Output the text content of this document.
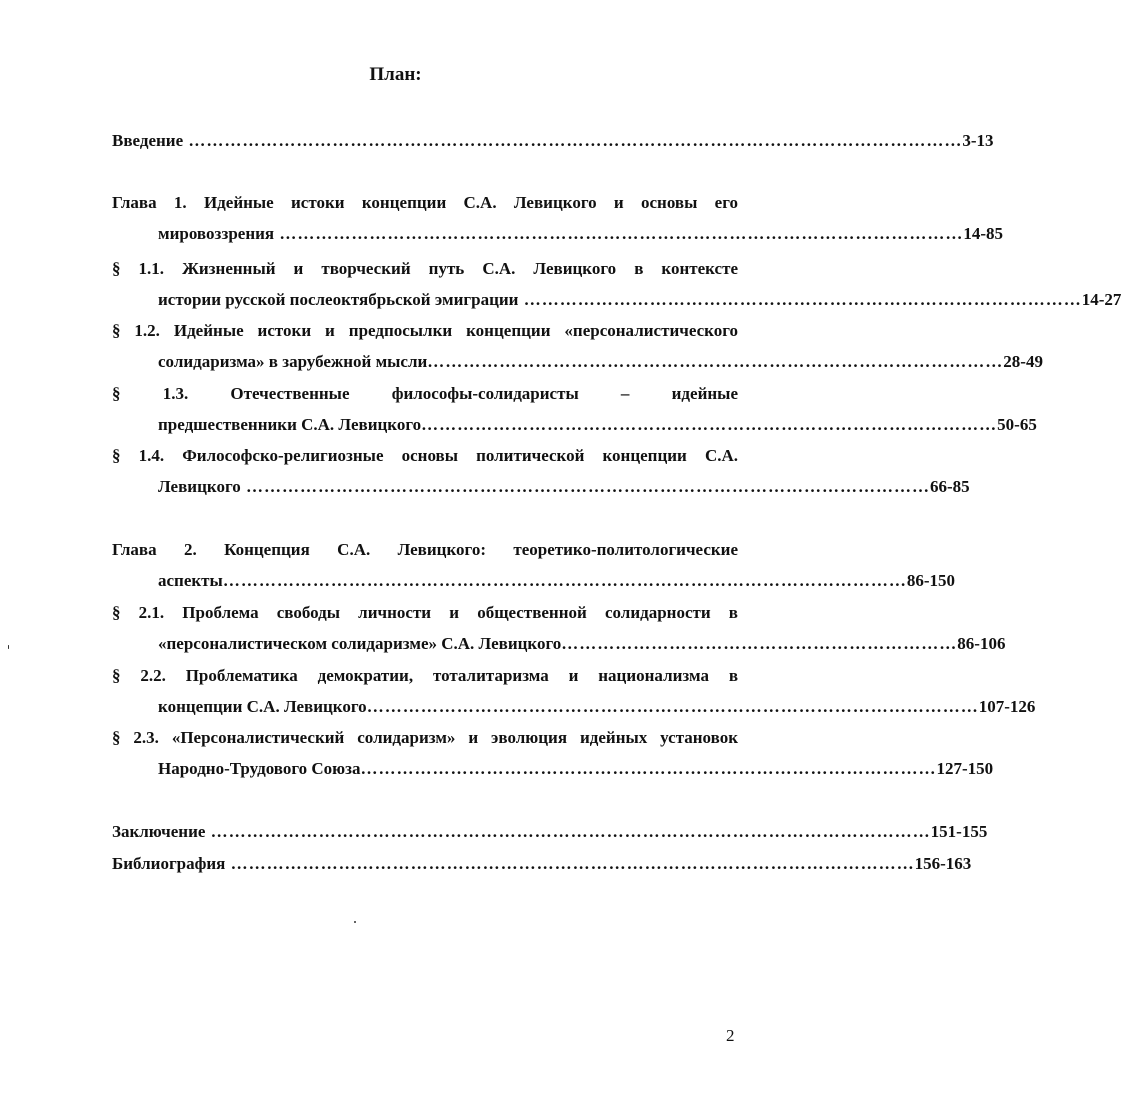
План:
Введение ………………………………………………………………………………………………………………… 3-13
Глава 1. Идейные истоки концепции С.А. Левицкого и основы его
мировоззрения …………………………………………………………………………………………………… 14-85
§ 1.1. Жизненный и творческий путь С.А. Левицкого в контексте
истории русской послеоктябрьской эмиграции ………………………………………………………………………………… 14-27
§ 1.2. Идейные истоки и предпосылки концепции «персоналистического
солидаризма» в зарубежной мысли …………………………………………………………………………………… 28-49
§ 1.3. Отечественные философы-солидаристы – идейные
предшественники С.А. Левицкого …………………………………………………………………………………… 50-65
§ 1.4. Философско-религиозные основы политической концепции С.А.
Левицкого …………………………………………………………………………………………………… 66-85
Глава 2. Концепция С.А. Левицкого: теоретико-политологические
аспекты …………………………………………………………………………………………………… 86-150
§ 2.1. Проблема свободы личности и общественной солидарности в
«персоналистическом солидаризме» С.А. Левицкого ………………………………………………………… 86-106
§ 2.2. Проблематика демократии, тоталитаризма и национализма в
концепции С.А. Левицкого ………………………………………………………………………………………… 107-126
§ 2.3. «Персоналистический солидаризм» и эволюция идейных установок
Народно-Трудового Союза …………………………………………………………………………………… 127-150
Заключение ………………………………………………………………………………………………………… 151-155
Библиография …………………………………………………………………………………………………… 156-163
2
